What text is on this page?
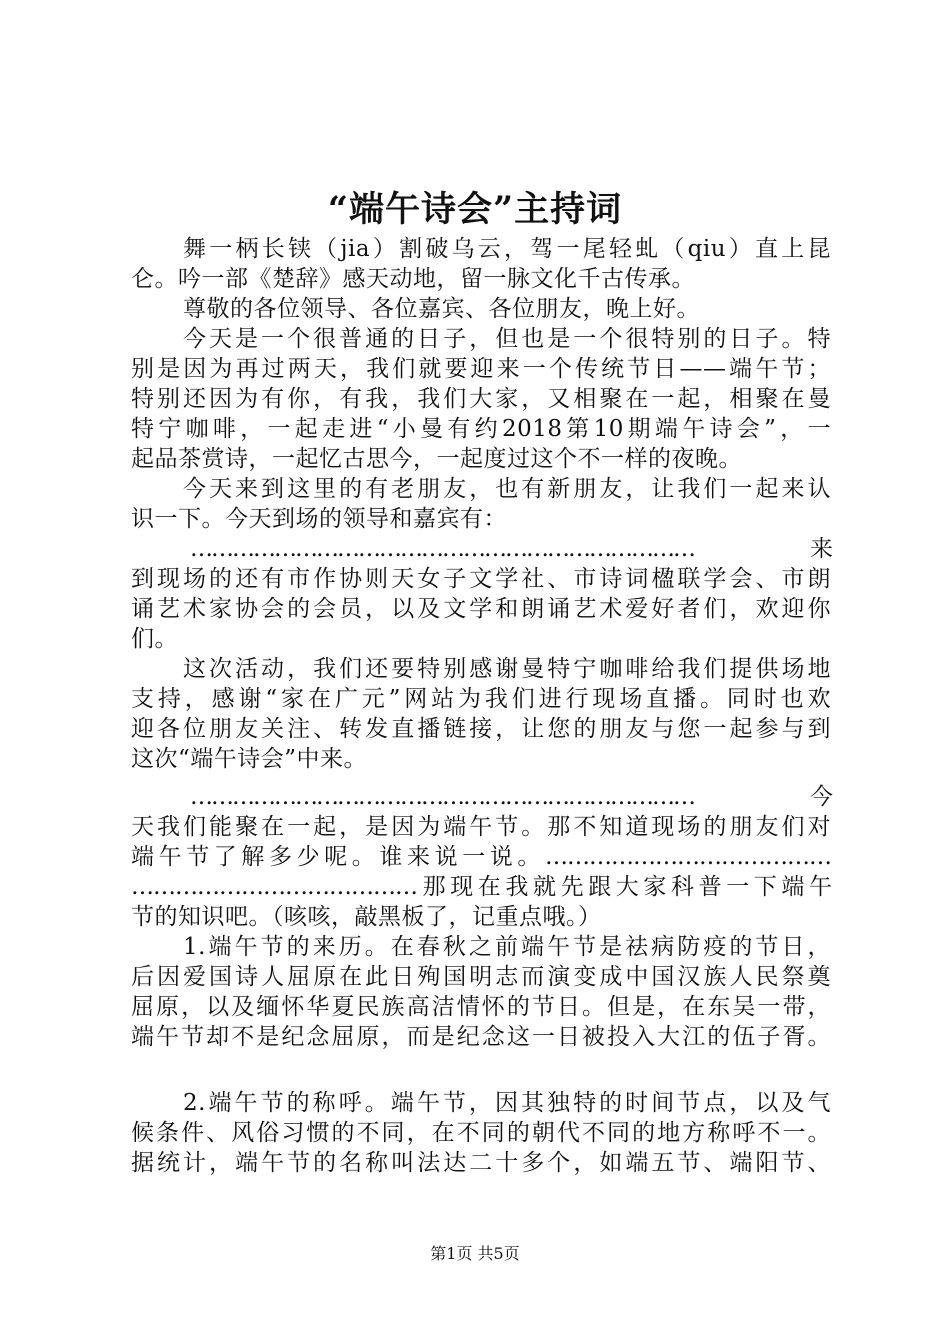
“端午诗会”主持词
舞一柄长铗（jia）割破乌云，驾一尾轻虬（qiu）直上昆
仑。吟一部《楚辞》感天动地，留一脉文化千古传承。
尊敬的各位领导、各位嘉宾、各位朋友，晚上好。
今天是一个很普通的日子，但也是一个很特别的日子。特
别是因为再过两天，我们就要迎来一个传统节日——端午节；
特别还因为有你，有我，我们大家，又相聚在一起，相聚在曼
特宁咖啡，一起走进“小曼有约2018第10期端午诗会”，一
起品茶赏诗，一起忆古思今，一起度过这个不一样的夜晚。
今天来到这里的有老朋友，也有新朋友，让我们一起来认
识一下。今天到场的领导和嘉宾有：
………………………………………………………………来
到现场的还有市作协则天女子文学社、市诗词楹联学会、市朗
诵艺术家协会的会员，以及文学和朗诵艺术爱好者们，欢迎你
们。
这次活动，我们还要特别感谢曼特宁咖啡给我们提供场地
支持，感谢“家在广元”网站为我们进行现场直播。同时也欢
迎各位朋友关注、转发直播链接，让您的朋友与您一起参与到
这次“端午诗会”中来。
………………………………………………………………今
天我们能聚在一起，是因为端午节。那不知道现场的朋友们对
端午节了解多少呢。谁来说一说。…………………………………
…………………………………那现在我就先跟大家科普一下端午
节的知识吧。（咳咳，敲黑板了，记重点哦。）
1.端午节的来历。在春秋之前端午节是祛病防疫的节日，
后因爱国诗人屈原在此日殉国明志而演变成中国汉族人民祭奠
屈原，以及缅怀华夏民族高洁情怀的节日。但是，在东吴一带，
端午节却不是纪念屈原，而是纪念这一日被投入大江的伍子胥。
2.端午节的称呼。端午节，因其独特的时间节点，以及气
候条件、风俗习惯的不同，在不同的朝代不同的地方称呼不一。
据统计，端午节的名称叫法达二十多个，如端五节、端阳节、
第1页 共5页
